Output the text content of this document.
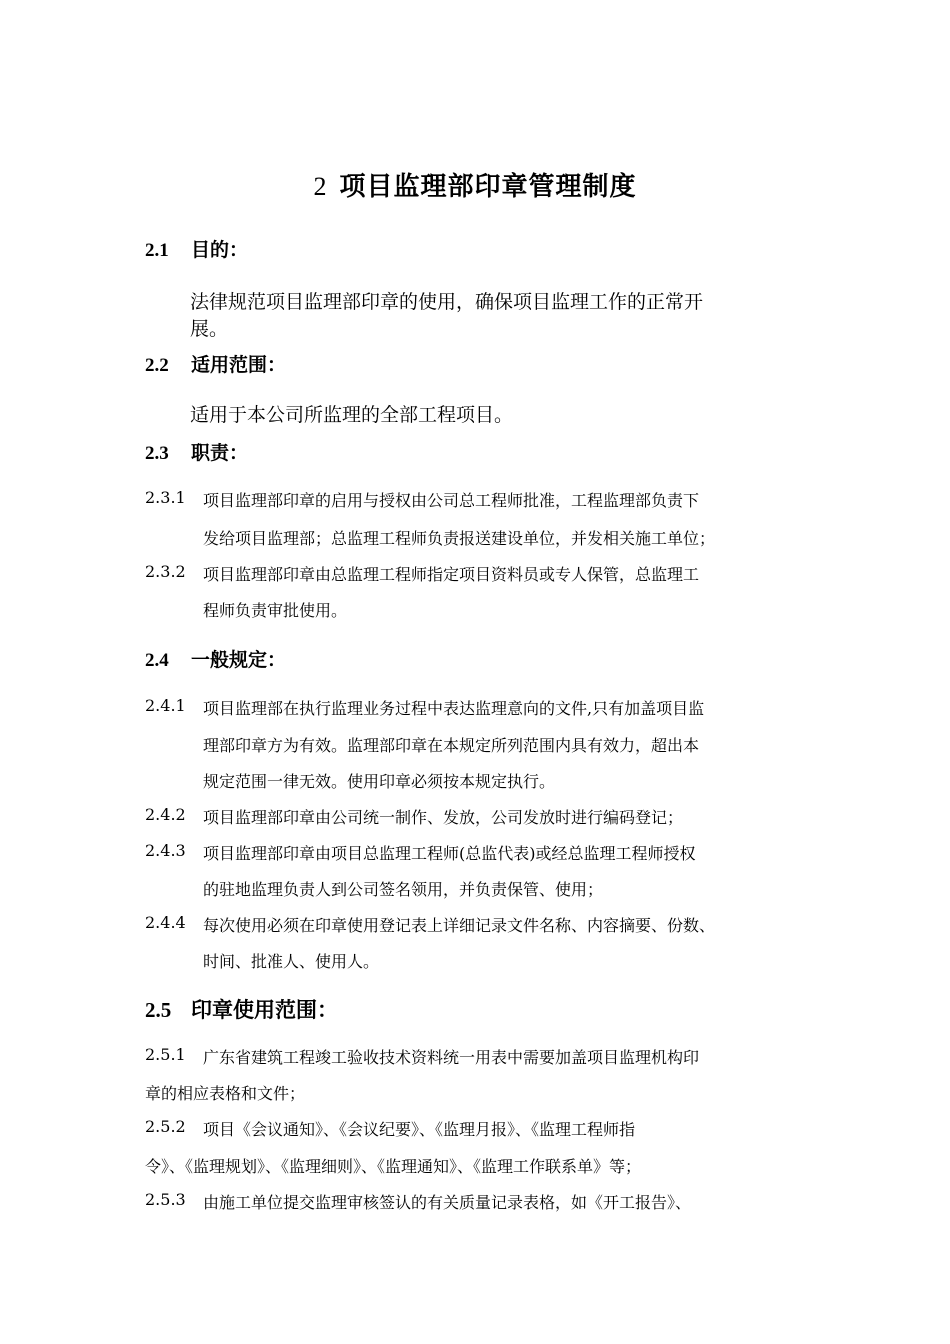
2 项目监理部印章管理制度
2.1 目的：
法律规范项目监理部印章的使用，确保项目监理工作的正常开
展。
2.2 适用范围：
适用于本公司所监理的全部工程项目。
2.3 职责：
2.3.1 项目监理部印章的启用与授权由公司总工程师批准，工程监理部负责下
发给项目监理部；总监理工程师负责报送建设单位，并发相关施工单位；
2.3.2 项目监理部印章由总监理工程师指定项目资料员或专人保管，总监理工
程师负责审批使用。
2.4 一般规定：
2.4.1 项目监理部在执行监理业务过程中表达监理意向的文件,只有加盖项目监
理部印章方为有效。监理部印章在本规定所列范围内具有效力，超出本
规定范围一律无效。使用印章必须按本规定执行。
2.4.2 项目监理部印章由公司统一制作、发放，公司发放时进行编码登记；
2.4.3 项目监理部印章由项目总监理工程师(总监代表)或经总监理工程师授权
的驻地监理负责人到公司签名领用，并负责保管、使用；
2.4.4 每次使用必须在印章使用登记表上详细记录文件名称、内容摘要、份数、
时间、批准人、使用人。
2.5 印章使用范围：
2.5.1 广东省建筑工程竣工验收技术资料统一用表中需要加盖项目监理机构印
章的相应表格和文件；
2.5.2 项目《会议通知》、《会议纪要》、《监理月报》、《监理工程师指
令》、《监理规划》、《监理细则》、《监理通知》、《监理工作联系单》等；
2.5.3 由施工单位提交监理审核签认的有关质量记录表格，如《开工报告》、
